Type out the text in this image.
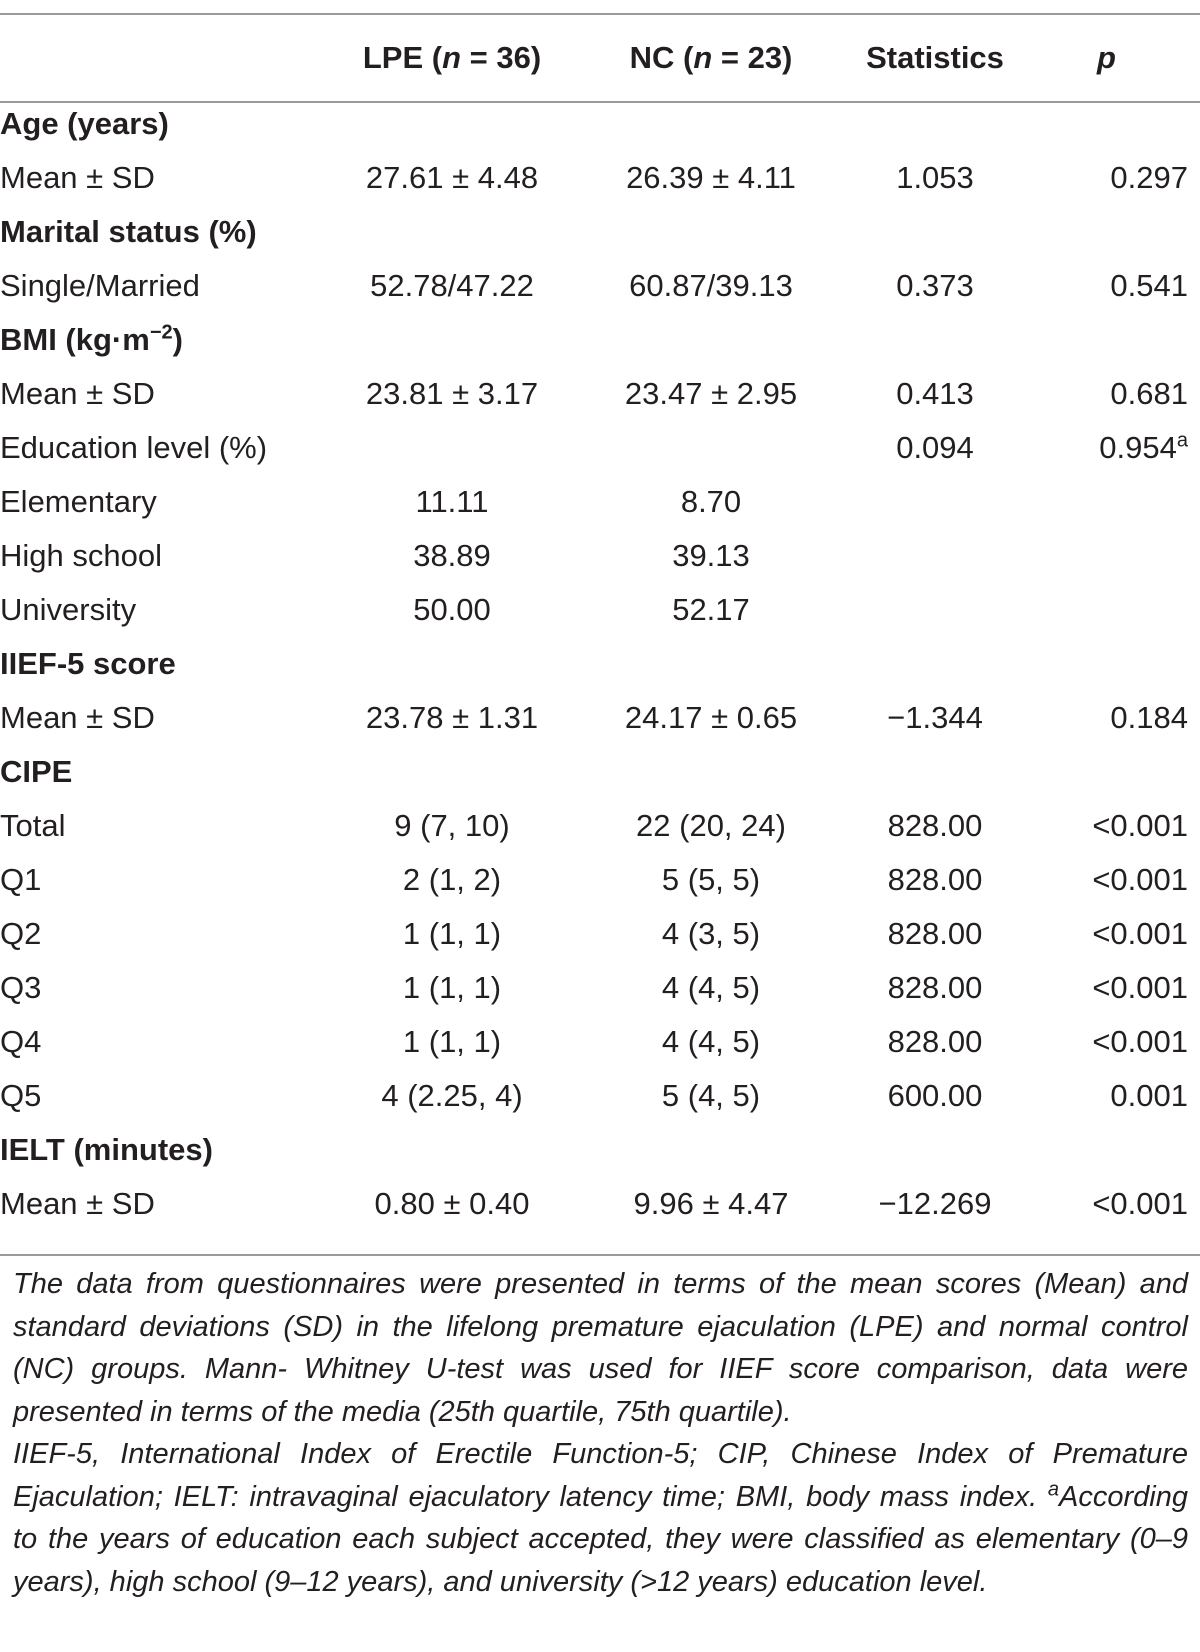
	LPE (n = 36)	NC (n = 23)	Statistics	p
Age (years)				
Mean ± SD	27.61 ± 4.48	26.39 ± 4.11	1.053	0.297
Marital status (%)				
Single/Married	52.78/47.22	60.87/39.13	0.373	0.541
BMI $(kg\cdot m^{-2})$				
Mean ± SD	23.81 ± 3.17	23.47 ± 2.95	0.413	0.681
Education level (%)			0.094	0.954$^a$
Elementary	11.11	8.70		
High school	38.89	39.13		
University	50.00	52.17		
IIEF-5 score				
Mean ± SD	23.78 ± 1.31	24.17 ± 0.65	−1.344	0.184
CIPE				
Total	9 (7, 10)	22 (20, 24)	828.00	<0.001
Q1	2 (1, 2)	5 (5, 5)	828.00	<0.001
Q2	1 (1, 1)	4 (3, 5)	828.00	<0.001
Q3	1 (1, 1)	4 (4, 5)	828.00	<0.001
Q4	1 (1, 1)	4 (4, 5)	828.00	<0.001
Q5	4 (2.25, 4)	5 (4, 5)	600.00	0.001
IELT (minutes)				
Mean ± SD	0.80 ± 0.40	9.96 ± 4.47	−12.269	<0.001
The data from questionnaires were presented in terms of the mean scores (Mean) and standard deviations (SD) in the lifelong premature ejaculation (LPE) and normal control (NC) groups. Mann- Whitney U-test was used for IIEF score comparison, data were presented in terms of the media (25th quartile, 75th quartile).
IIEF-5, International Index of Erectile Function-5; CIP, Chinese Index of Premature Ejaculation; IELT: intravaginal ejaculatory latency time; BMI, body mass index. $^a$According to the years of education each subject accepted, they were classified as elementary (0–9 years), high school (9–12 years), and university (>12 years) education level.
